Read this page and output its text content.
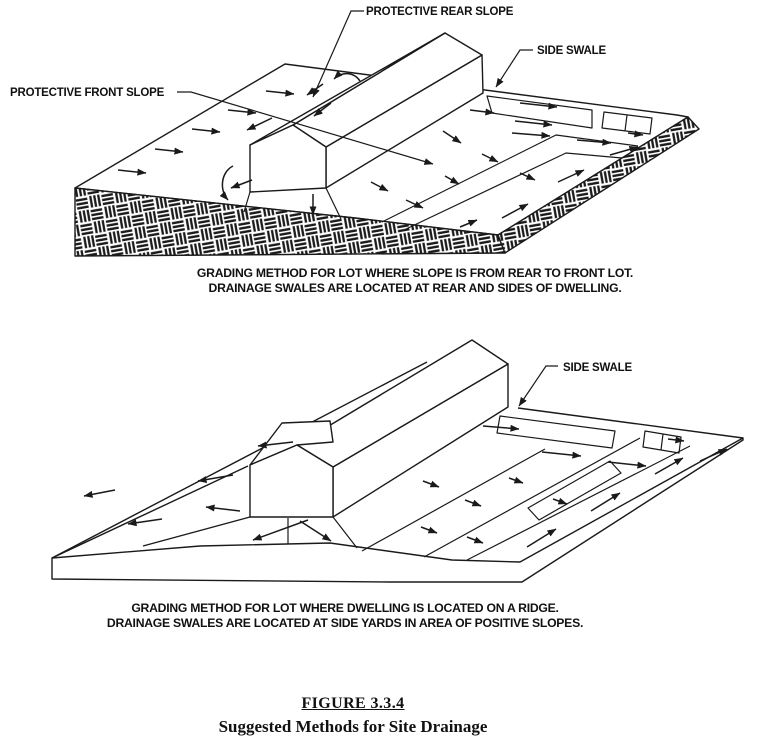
PROTECTIVE REAR SLOPE
SIDE SWALE
PROTECTIVE FRONT SLOPE
GRADING METHOD FOR LOT WHERE SLOPE IS FROM REAR TO FRONT LOT.
DRAINAGE SWALES ARE LOCATED AT REAR AND SIDES OF DWELLING.
SIDE SWALE
GRADING METHOD FOR LOT WHERE DWELLING IS LOCATED ON A RIDGE.
DRAINAGE SWALES ARE LOCATED AT SIDE YARDS IN AREA OF POSITIVE SLOPES.
FIGURE 3.3.4
Suggested Methods for Site Drainage
